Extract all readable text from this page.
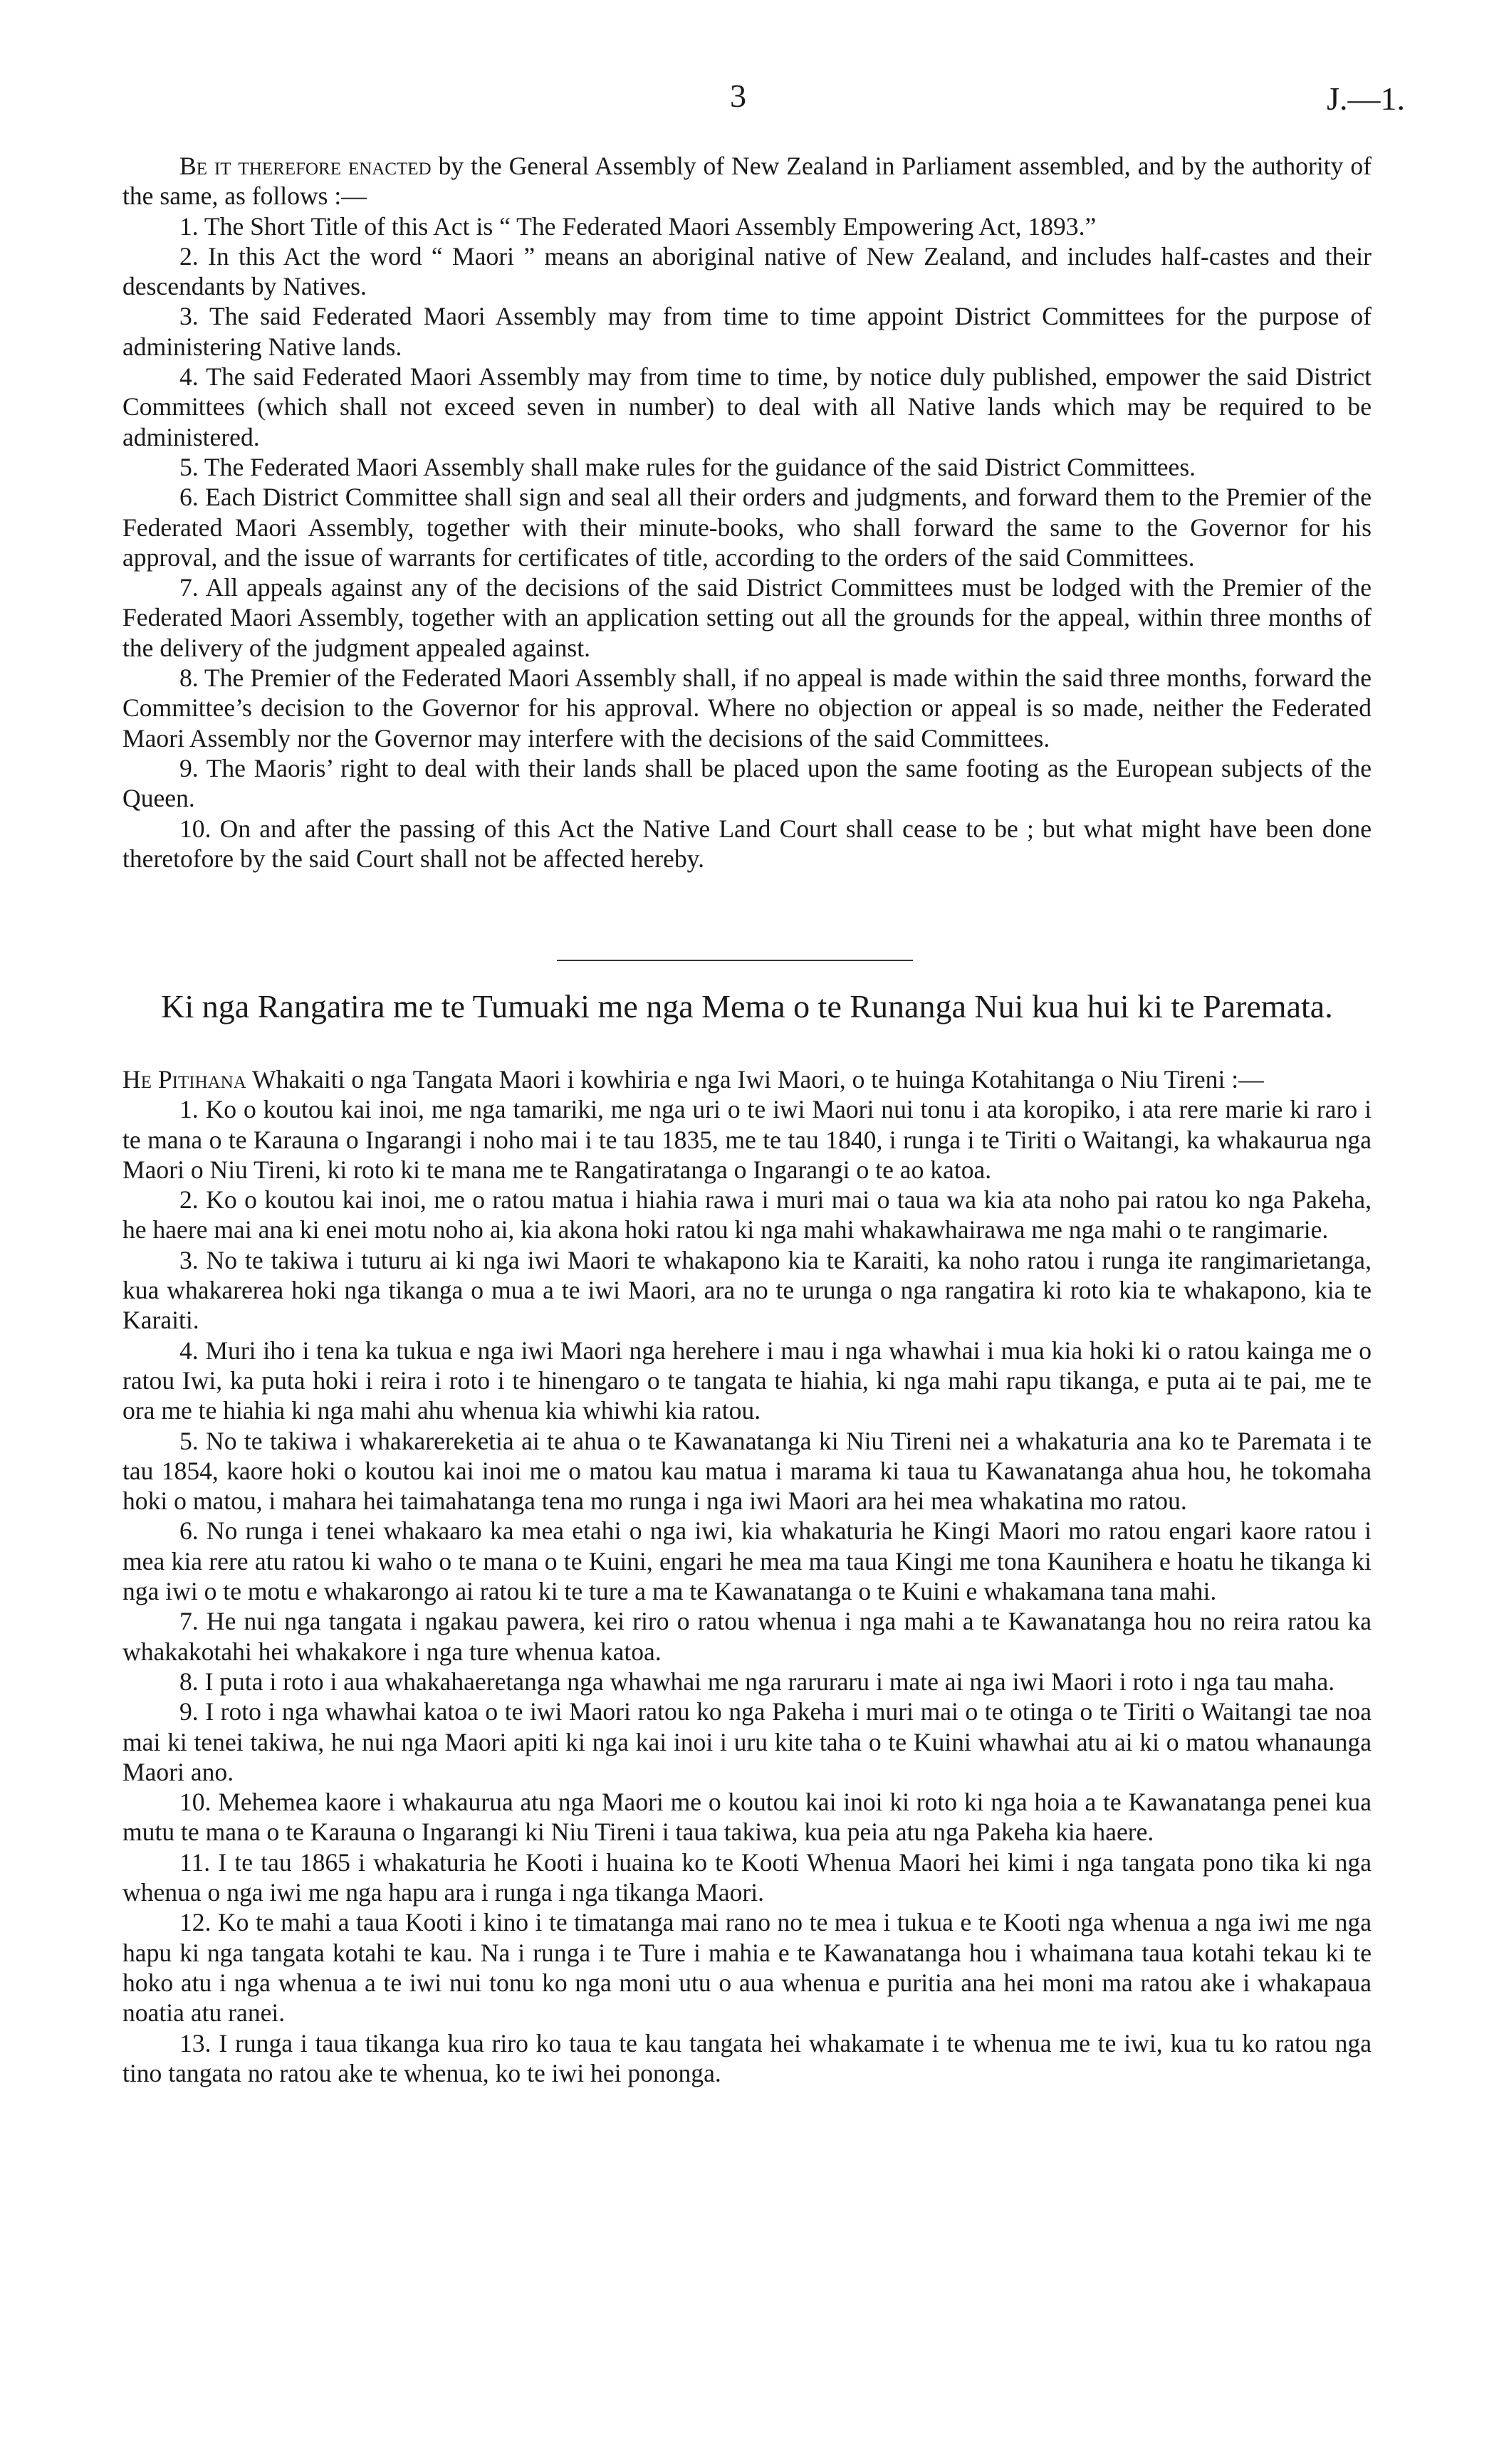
3	J.—1.

Be it therefore enacted by the General Assembly of New Zealand in Parliament assembled, and by the authority of the same, as follows :—

1. The Short Title of this Act is “ The Federated Maori Assembly Empowering Act, 1893.”

2. In this Act the word “ Maori ” means an aboriginal native of New Zealand, and includes half-castes and their descendants by Natives.

3. The said Federated Maori Assembly may from time to time appoint District Committees for the purpose of administering Native lands.

4. The said Federated Maori Assembly may from time to time, by notice duly published, empower the said District Committees (which shall not exceed seven in number) to deal with all Native lands which may be required to be administered.

5. The Federated Maori Assembly shall make rules for the guidance of the said District Committees.

6. Each District Committee shall sign and seal all their orders and judgments, and forward them to the Premier of the Federated Maori Assembly, together with their minute-books, who shall forward the same to the Governor for his approval, and the issue of warrants for certificates of title, according to the orders of the said Committees.

7. All appeals against any of the decisions of the said District Committees must be lodged with the Premier of the Federated Maori Assembly, together with an application setting out all the grounds for the appeal, within three months of the delivery of the judgment appealed against.

8. The Premier of the Federated Maori Assembly shall, if no appeal is made within the said three months, forward the Committee’s decision to the Governor for his approval. Where no objection or appeal is so made, neither the Federated Maori Assembly nor the Governor may interfere with the decisions of the said Committees.

9. The Maoris’ right to deal with their lands shall be placed upon the same footing as the European subjects of the Queen.

10. On and after the passing of this Act the Native Land Court shall cease to be ; but what might have been done theretofore by the said Court shall not be affected hereby.

Ki nga Rangatira me te Tumuaki me nga Mema o te Runanga Nui kua hui ki te Paremata.

He Pitihana Whakaiti o nga Tangata Maori i kowhiria e nga Iwi Maori, o te huinga Kotahitanga o Niu Tireni :—

1. Ko o koutou kai inoi, me nga tamariki, me nga uri o te iwi Maori nui tonu i ata koropiko, i ata rere marie ki raro i te mana o te Karauna o Ingarangi i noho mai i te tau 1835, me te tau 1840, i runga i te Tiriti o Waitangi, ka whakaurua nga Maori o Niu Tireni, ki roto ki te mana me te Rangatiratanga o Ingarangi o te ao katoa.

2. Ko o koutou kai inoi, me o ratou matua i hiahia rawa i muri mai o taua wa kia ata noho pai ratou ko nga Pakeha, he haere mai ana ki enei motu noho ai, kia akona hoki ratou ki nga mahi whakawhairawa me nga mahi o te rangimarie.

3. No te takiwa i tuturu ai ki nga iwi Maori te whakapono kia te Karaiti, ka noho ratou i runga ite rangimarietanga, kua whakarerea hoki nga tikanga o mua a te iwi Maori, ara no te urunga o nga rangatira ki roto kia te whakapono, kia te Karaiti.

4. Muri iho i tena ka tukua e nga iwi Maori nga herehere i mau i nga whawhai i mua kia hoki ki o ratou kainga me o ratou Iwi, ka puta hoki i reira i roto i te hinengaro o te tangata te hiahia, ki nga mahi rapu tikanga, e puta ai te pai, me te ora me te hiahia ki nga mahi ahu whenua kia whiwhi kia ratou.

5. No te takiwa i whakarereketia ai te ahua o te Kawanatanga ki Niu Tireni nei a whakaturia ana ko te Paremata i te tau 1854, kaore hoki o koutou kai inoi me o matou kau matua i marama ki taua tu Kawanatanga ahua hou, he tokomaha hoki o matou, i mahara hei taimahatanga tena mo runga i nga iwi Maori ara hei mea whakatina mo ratou.

6. No runga i tenei whakaaro ka mea etahi o nga iwi, kia whakaturia he Kingi Maori mo ratou engari kaore ratou i mea kia rere atu ratou ki waho o te mana o te Kuini, engari he mea ma taua Kingi me tona Kaunihera e hoatu he tikanga ki nga iwi o te motu e whakarongo ai ratou ki te ture a ma te Kawanatanga o te Kuini e whakamana tana mahi.

7. He nui nga tangata i ngakau pawera, kei riro o ratou whenua i nga mahi a te Kawanatanga hou no reira ratou ka whakakotahi hei whakakore i nga ture whenua katoa.

8. I puta i roto i aua whakahaeretanga nga whawhai me nga raruraru i mate ai nga iwi Maori i roto i nga tau maha.

9. I roto i nga whawhai katoa o te iwi Maori ratou ko nga Pakeha i muri mai o te otinga o te Tiriti o Waitangi tae noa mai ki tenei takiwa, he nui nga Maori apiti ki nga kai inoi i uru kite taha o te Kuini whawhai atu ai ki o matou whanaunga Maori ano.

10. Mehemea kaore i whakaurua atu nga Maori me o koutou kai inoi ki roto ki nga hoia a te Kawanatanga penei kua mutu te mana o te Karauna o Ingarangi ki Niu Tireni i taua takiwa, kua peia atu nga Pakeha kia haere.

11. I te tau 1865 i whakaturia he Kooti i huaina ko te Kooti Whenua Maori hei kimi i nga tangata pono tika ki nga whenua o nga iwi me nga hapu ara i runga i nga tikanga Maori.

12. Ko te mahi a taua Kooti i kino i te timatanga mai rano no te mea i tukua e te Kooti nga whenua a nga iwi me nga hapu ki nga tangata kotahi te kau. Na i runga i te Ture i mahia e te Kawanatanga hou i whaimana taua kotahi tekau ki te hoko atu i nga whenua a te iwi nui tonu ko nga moni utu o aua whenua e puritia ana hei moni ma ratou ake i whakapaua noatia atu ranei.

13. I runga i taua tikanga kua riro ko taua te kau tangata hei whakamate i te whenua me te iwi, kua tu ko ratou nga tino tangata no ratou ake te whenua, ko te iwi hei pononga.
